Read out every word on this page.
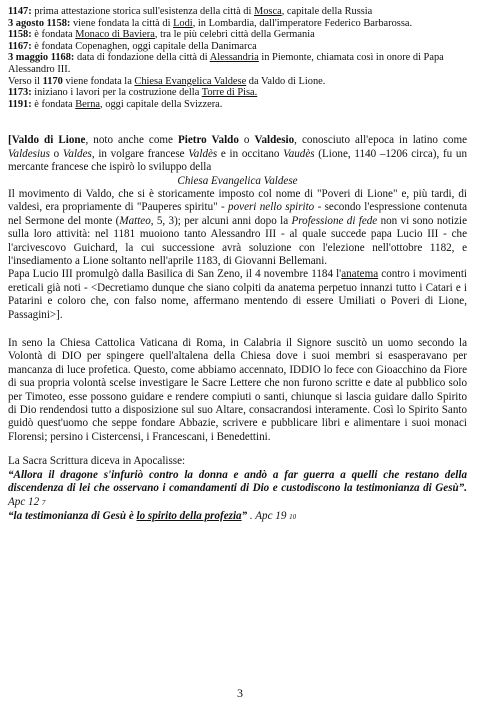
1147: prima attestazione storica sull'esistenza della città di Mosca, capitale della Russia

3 agosto 1158: viene fondata la città di Lodi, in Lombardia, dall'imperatore Federico Barbarossa.

1158: è fondata Monaco di Baviera, tra le più celebri città della Germania

1167: è fondata Copenaghen, oggi capitale della Danimarca

3 maggio 1168: data di fondazione della città di Alessandria in Piemonte, chiamata così in onore di Papa Alessandro III.

Verso il 1170 viene fondata la Chiesa Evangelica Valdese da Valdo di Lione.

1173: iniziano i lavori per la costruzione della Torre di Pisa.

1191: è fondata Berna, oggi capitale della Svizzera.

[Valdo di Lione, noto anche come Pietro Valdo o Valdesio, conosciuto all'epoca in latino come Valdesius o Valdes, in volgare francese Valdès e in occitano Vaudès (Lione, 1140 –1206 circa), fu un mercante francese che ispirò lo sviluppo della

Chiesa Evangelica Valdese

Il movimento di Valdo, che si è storicamente imposto col nome di "Poveri di Lione" e, più tardi, di valdesi, era propriamente di "Pauperes spiritu" - poveri nello spirito - secondo l'espressione contenuta nel Sermone del monte (Matteo, 5, 3); per alcuni anni dopo la Professione di fede non vi sono notizie sulla loro attività: nel 1181 muoiono tanto Alessandro III - al quale succede papa Lucio III - che l'arcivescovo Guichard, la cui successione avrà soluzione con l'elezione nell'ottobre 1182, e l'insediamento a Lione soltanto nell'aprile 1183, di Giovanni Bellemani.

Papa Lucio III promulgò dalla Basilica di San Zeno, il 4 novembre 1184 l'anatema contro i movimenti ereticali già noti - <Decretiamo dunque che siano colpiti da anatema perpetuo innanzi tutto i Catari e i Patarini e coloro che, con falso nome, affermano mentendo di essere Umiliati o Poveri di Lione, Passagini>].

In seno la Chiesa Cattolica Vaticana di Roma, in Calabria il Signore suscitò un uomo secondo la Volontà di DIO per spingere quell'altalena della Chiesa dove i suoi membri si esasperavano per mancanza di luce profetica. Questo, come abbiamo accennato, IDDIO lo fece con Gioacchino da Fiore di sua propria volontà scelse investigare le Sacre Lettere che non furono scritte e date al pubblico solo per Timoteo, esse possono guidare e rendere compiuti o santi, chiunque si lascia guidare dallo Spirito di Dio rendendosi tutto a disposizione sul suo Altare, consacrandosi interamente. Così lo Spirito Santo guidò quest'uomo che seppe fondare Abbazie, scrivere e pubblicare libri e alimentare i suoi monaci Florensi; persino i Cistercensi, i Francescani, i Benedettini.

La Sacra Scrittura diceva in Apocalisse:

“Allora il dragone s'infuriò contro la donna e andò a far guerra a quelli che restano della discendenza di lei che osservano i comandamenti di Dio e custodiscono la testimonianza di Gesù”. Apc 12 7

“la testimonianza di Gesù è lo spirito della profezia” . Apc 19 10

3
